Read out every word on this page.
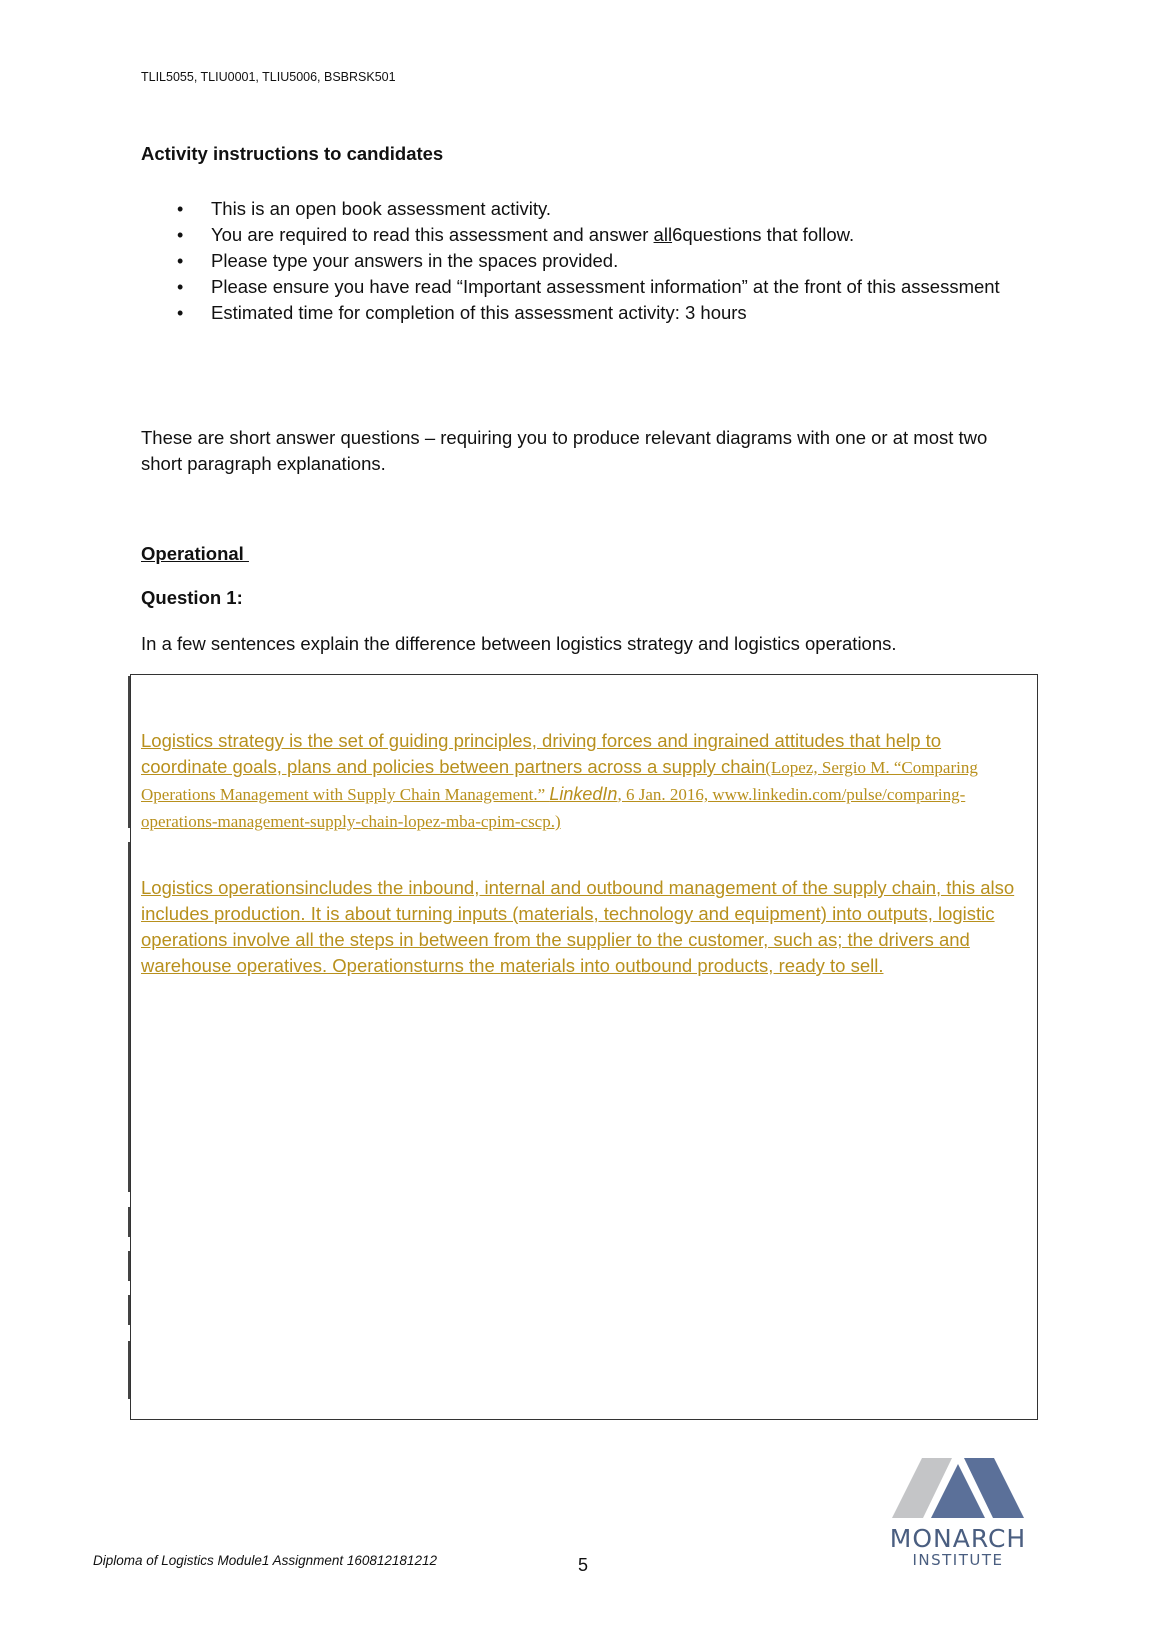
TLIL5055, TLIU0001, TLIU5006, BSBRSK501
Activity instructions to candidates
• This is an open book assessment activity.
• You are required to read this assessment and answer all6questions that follow.
• Please type your answers in the spaces provided.
• Please ensure you have read “Important assessment information” at the front of this assessment
• Estimated time for completion of this assessment activity: 3 hours
These are short answer questions – requiring you to produce relevant diagrams with one or at most two short paragraph explanations.
Operational
Question 1:
In a few sentences explain the difference between logistics strategy and logistics operations.
Logistics strategy is the set of guiding principles, driving forces and ingrained attitudes that help to coordinate goals, plans and policies between partners across a supply chain(Lopez, Sergio M. “Comparing Operations Management with Supply Chain Management.” LinkedIn, 6 Jan. 2016, www.linkedin.com/pulse/comparing-operations-management-supply-chain-lopez-mba-cpim-cscp.)
Logistics operationsincludes the inbound, internal and outbound management of the supply chain, this also includes production. It is about turning inputs (materials, technology and equipment) into outputs, logistic operations involve all the steps in between from the supplier to the customer, such as; the drivers and warehouse operatives. Operationsturns the materials into outbound products, ready to sell.
Diploma of Logistics Module1 Assignment 160812181212	5
MONARCH
INSTITUTE
